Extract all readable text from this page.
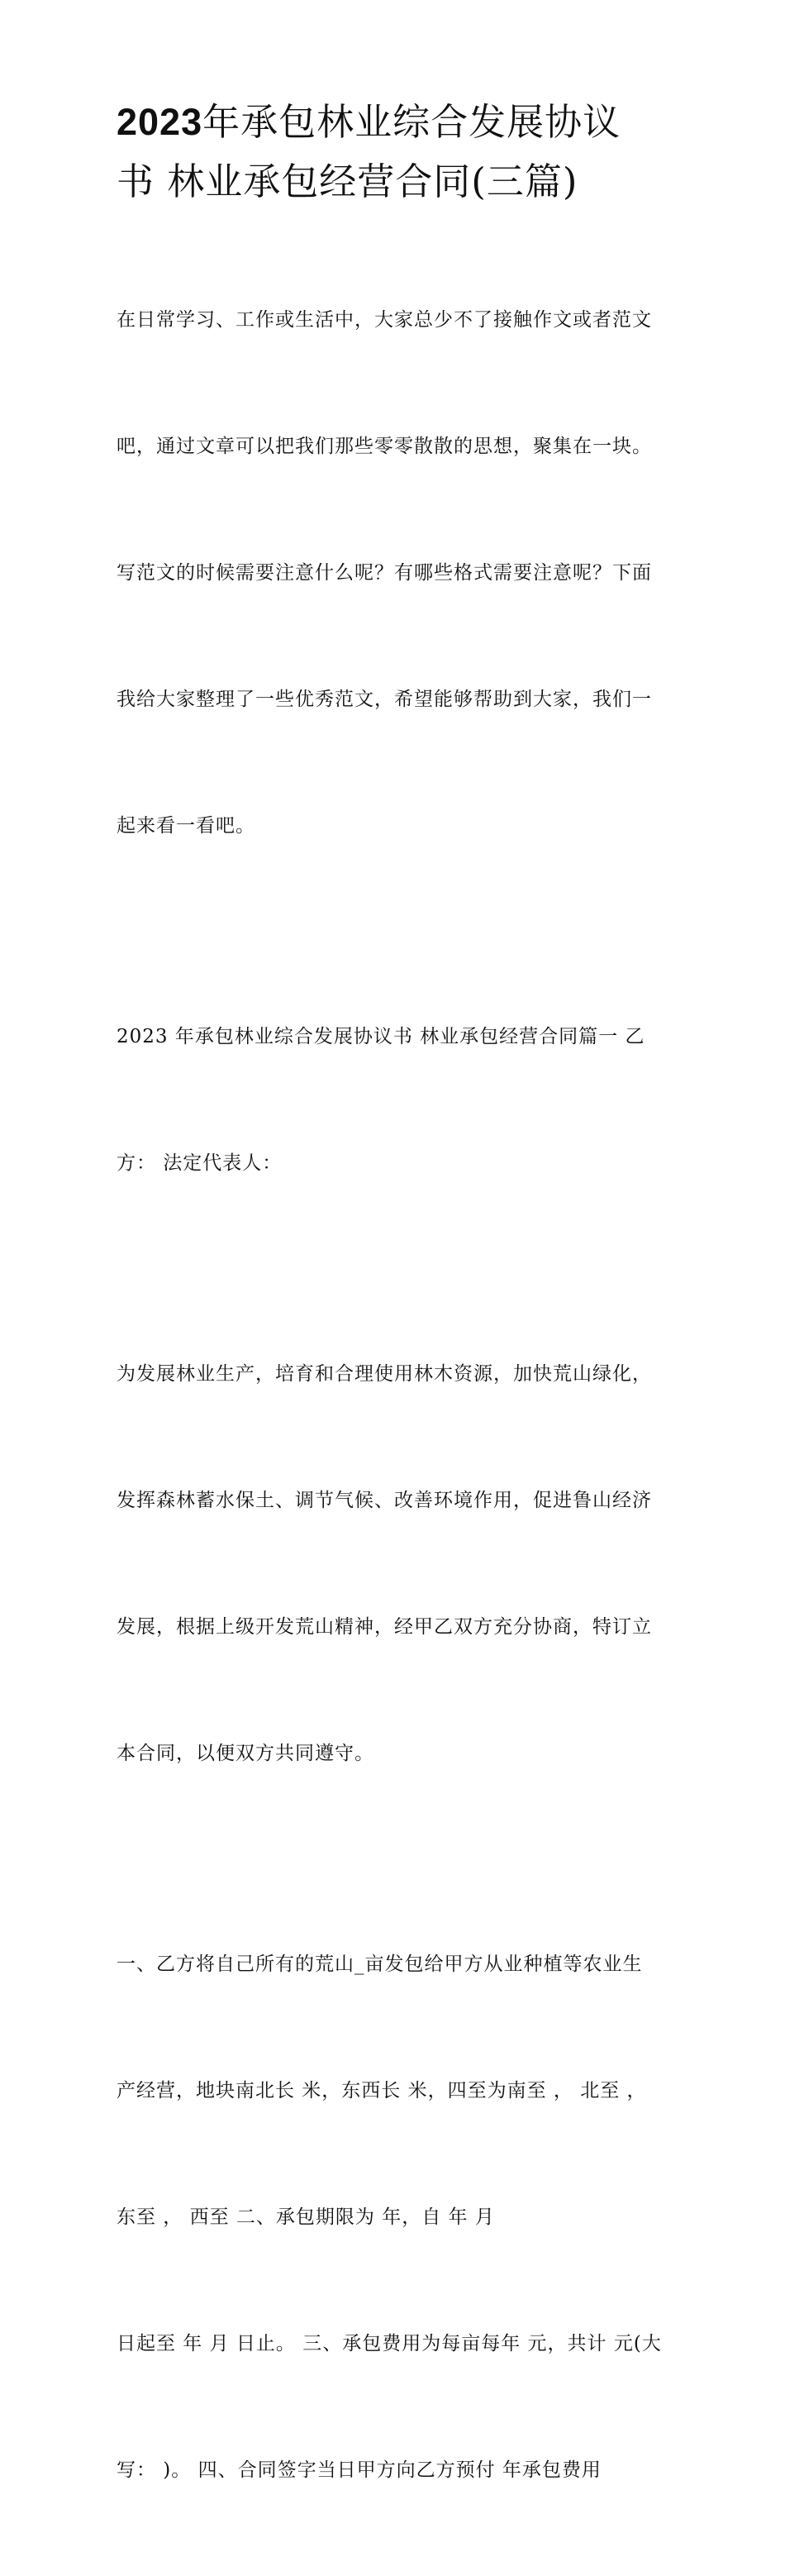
2023年承包林业综合发展协议
书 林业承包经营合同(三篇)

在日常学习、工作或生活中，大家总少不了接触作文或者范文

吧，通过文章可以把我们那些零零散散的思想，聚集在一块。

写范文的时候需要注意什么呢？有哪些格式需要注意呢？下面

我给大家整理了一些优秀范文，希望能够帮助到大家，我们一

起来看一看吧。

2023 年承包林业综合发展协议书 林业承包经营合同篇一 乙

方： 法定代表人：

为发展林业生产，培育和合理使用林木资源，加快荒山绿化，

发挥森林蓄水保土、调节气候、改善环境作用，促进鲁山经济

发展，根据上级开发荒山精神，经甲乙双方充分协商，特订立

本合同，以便双方共同遵守。

一、乙方将自己所有的荒山_亩发包给甲方从业种植等农业生

产经营，地块南北长 米，东西长 米，四至为南至 ， 北至 ，

东至 ， 西至 二、承包期限为 年，自 年 月

日起至 年 月 日止。 三、承包费用为每亩每年 元，共计 元(大

写： )。 四、合同签字当日甲方向乙方预付 年承包费用
